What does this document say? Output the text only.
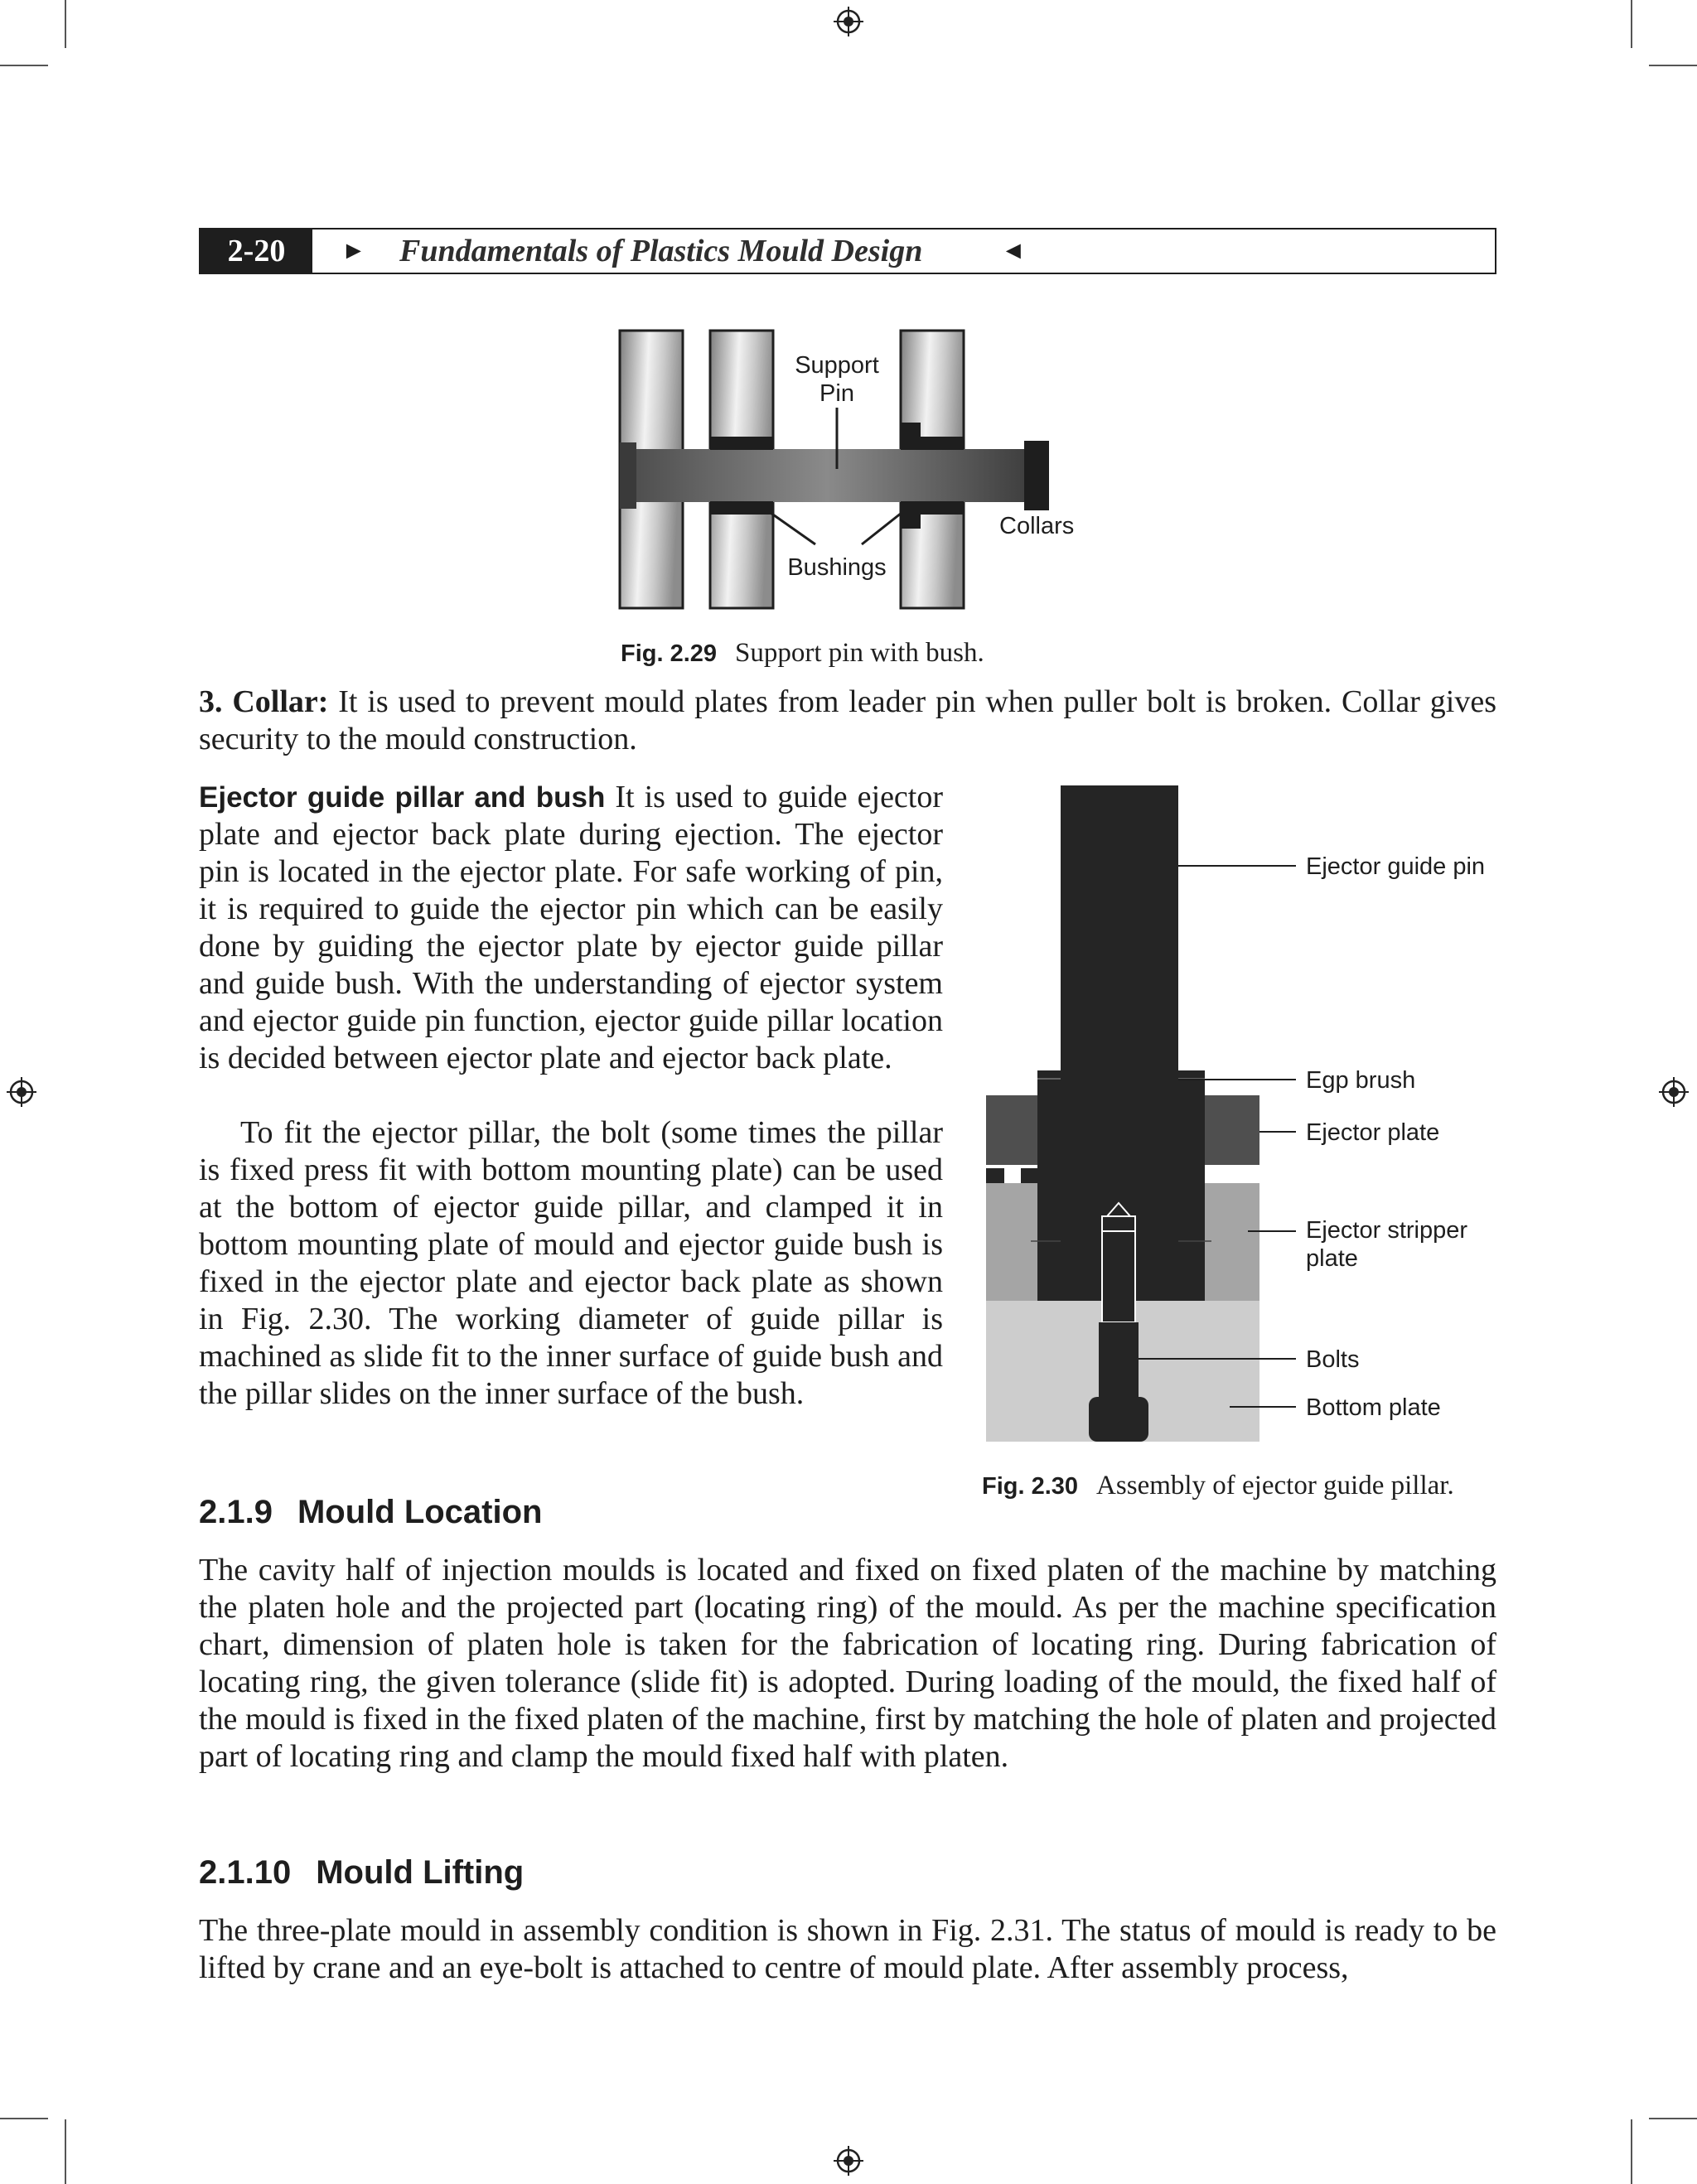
2-20	► Fundamentals of Plastics Mould Design	◄
Support
Pin
Collars
Bushings
Fig. 2.29 Support pin with bush.

3. Collar: It is used to prevent mould plates from leader pin when puller bolt is broken. Collar gives security to the mould construction.

Ejector guide pillar and bush It is used to guide ejector plate and ejector back plate during ejection. The ejector pin is located in the ejector plate. For safe working of pin, it is required to guide the ejector pin which can be easily done by guiding the ejector plate by ejector guide pillar and guide bush. With the understanding of ejector system and ejector guide pin function, ejector guide pillar location is decided between ejector plate and ejector back plate.

To fit the ejector pillar, the bolt (some times the pillar is fixed press fit with bottom mounting plate) can be used at the bottom of ejector guide pillar, and clamped it in bottom mounting plate of mould and ejector guide bush is fixed in the ejector plate and ejector back plate as shown in Fig. 2.30. The working diameter of guide pillar is machined as slide fit to the inner surface of guide bush and the pillar slides on the inner surface of the bush.

Ejector guide pin
Egp brush
Ejector plate
Ejector stripper
plate
Bolts
Bottom plate
Fig. 2.30 Assembly of ejector guide pillar.
2.1.9 Mould Location

The cavity half of injection moulds is located and fixed on fixed platen of the machine by matching the platen hole and the projected part (locating ring) of the mould. As per the machine specification chart, dimension of platen hole is taken for the fabrication of locating ring. During fabrication of locating ring, the given tolerance (slide fit) is adopted. During loading of the mould, the fixed half of the mould is fixed in the fixed platen of the machine, first by matching the hole of platen and projected part of locating ring and clamp the mould fixed half with platen.

2.1.10 Mould Lifting

The three-plate mould in assembly condition is shown in Fig. 2.31. The status of mould is ready to be lifted by crane and an eye-bolt is attached to centre of mould plate. After assembly process,
